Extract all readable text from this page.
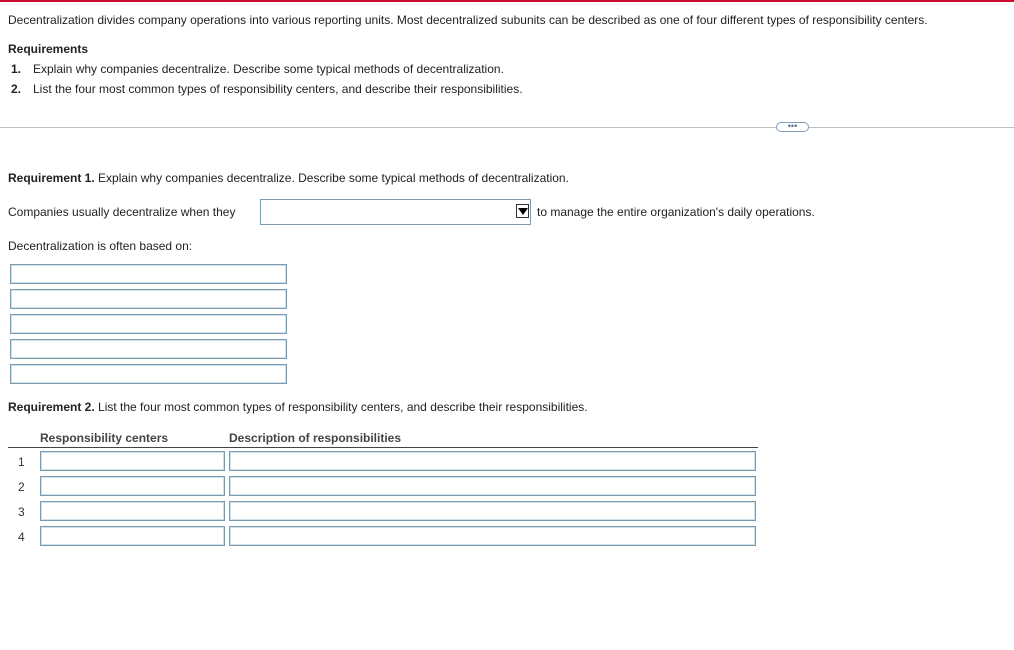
Decentralization divides company operations into various reporting units. Most decentralized subunits can be described as one of four different types of responsibility centers.
Requirements
1. Explain why companies decentralize. Describe some typical methods of decentralization.
2. List the four most common types of responsibility centers, and describe their responsibilities.
•••
Requirement 1. Explain why companies decentralize. Describe some typical methods of decentralization.
Companies usually decentralize when they	to manage the entire organization's daily operations.
Decentralization is often based on:
Requirement 2. List the four most common types of responsibility centers, and describe their responsibilities.
Responsibility centers	Description of responsibilities
1
2
3
4
